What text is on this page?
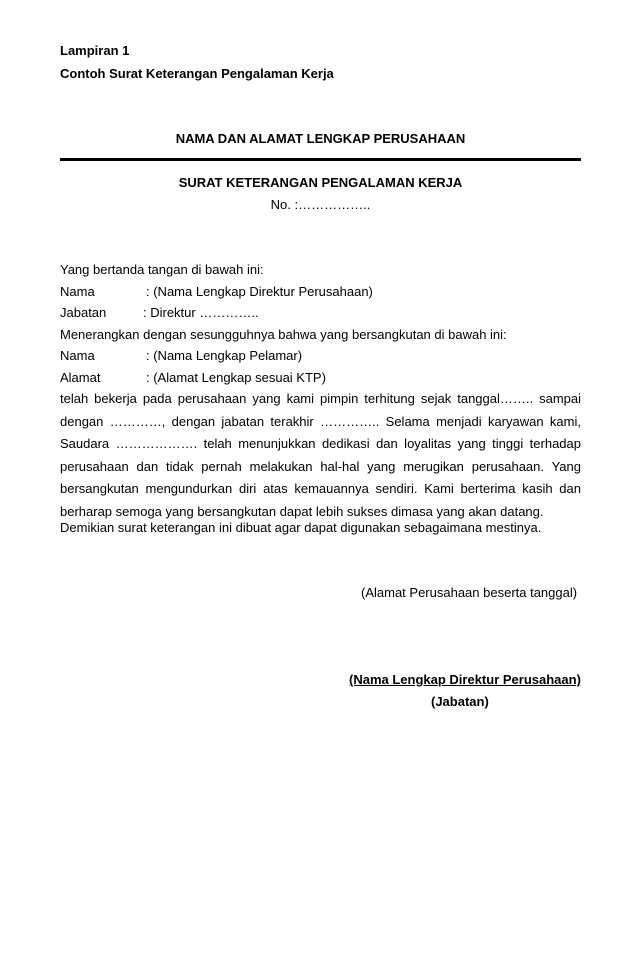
Lampiran 1

Contoh Surat Keterangan Pengalaman Kerja

NAMA DAN ALAMAT LENGKAP PERUSAHAAN

SURAT KETERANGAN PENGALAMAN KERJA

No. :……………..

Yang bertanda tangan di bawah ini:

Nama	: (Nama Lengkap Direktur Perusahaan)
Jabatan	: Direktur …………..

Menerangkan dengan sesungguhnya bahwa yang bersangkutan di bawah ini:

Nama	: (Nama Lengkap Pelamar)
Alamat	: (Alamat Lengkap sesuai KTP)
telah bekerja pada perusahaan yang kami pimpin terhitung sejak tanggal…….. sampai
dengan …………, dengan jabatan terakhir ………….. Selama menjadi karyawan kami,
Saudara ………………. telah menunjukkan dedikasi dan loyalitas yang tinggi terhadap
perusahaan dan tidak pernah melakukan hal-hal yang merugikan perusahaan. Yang
bersangkutan mengundurkan diri atas kemauannya sendiri. Kami berterima kasih dan
berharap semoga yang bersangkutan dapat lebih sukses dimasa yang akan datang.

Demikian surat keterangan ini dibuat agar dapat digunakan sebagaimana mestinya.

(Alamat Perusahaan beserta tanggal)

(Nama Lengkap Direktur Perusahaan)

(Jabatan)
